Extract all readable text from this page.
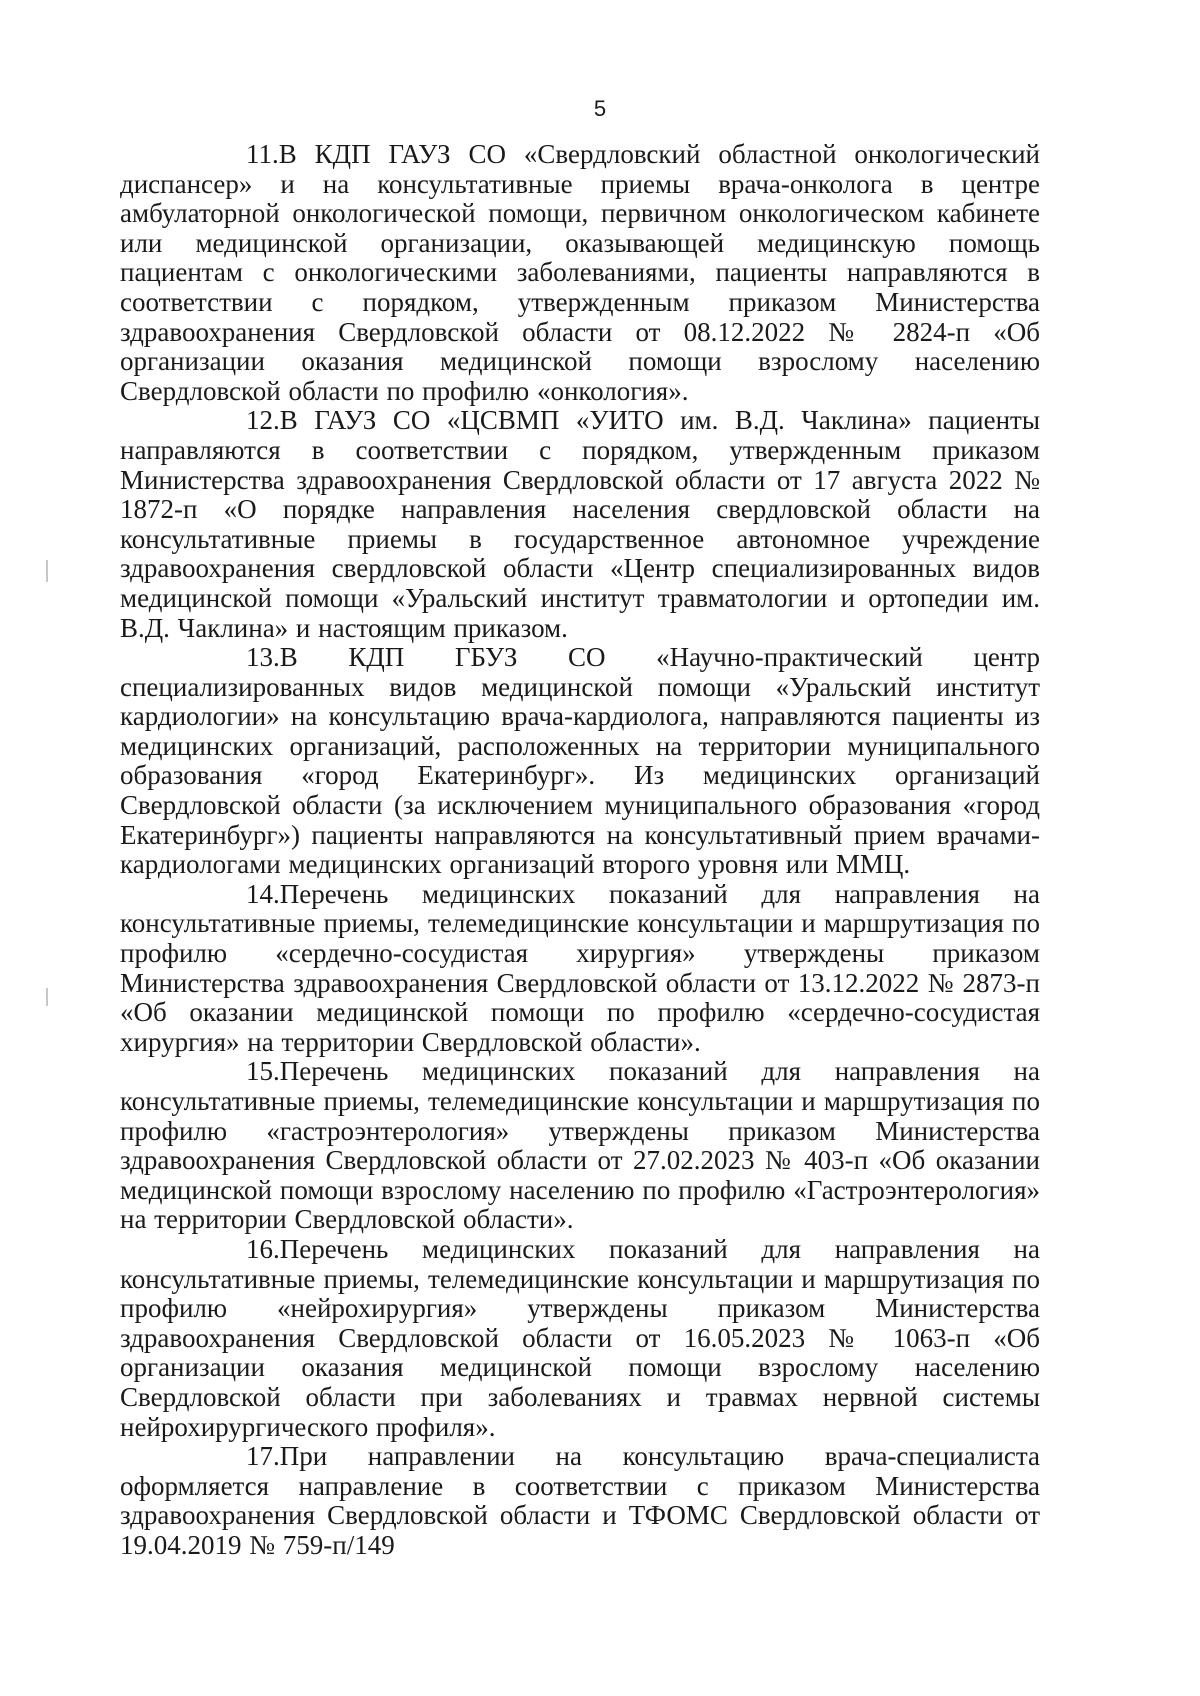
5

11.В КДП ГАУЗ СО «Свердловский областной онкологический диспансер» и на консультативные приемы врача-онколога в центре амбулаторной онкологической помощи, первичном онкологическом кабинете или медицинской организации, оказывающей медицинскую помощь пациентам с онкологическими заболеваниями, пациенты направляются в соответствии с порядком, утвержденным приказом Министерства здравоохранения Свердловской области от 08.12.2022 № 2824-п «Об организации оказания медицинской помощи взрослому населению Свердловской области по профилю «онкология».

12.В ГАУЗ СО «ЦСВМП «УИТО им. В.Д. Чаклина» пациенты направляются в соответствии с порядком, утвержденным приказом Министерства здравоохранения Свердловской области от 17 августа 2022 № 1872-п «О порядке направления населения свердловской области на консультативные приемы в государственное автономное учреждение здравоохранения свердловской области «Центр специализированных видов медицинской помощи «Уральский институт травматологии и ортопедии им. В.Д. Чаклина» и настоящим приказом.

13.В КДП ГБУЗ СО «Научно-практический центр специализированных видов медицинской помощи «Уральский институт кардиологии» на консультацию врача-кардиолога, направляются пациенты из медицинских организаций, расположенных на территории муниципального образования «город Екатеринбург». Из медицинских организаций Свердловской области (за исключением муниципального образования «город Екатеринбург») пациенты направляются на консультативный прием врачами-кардиологами медицинских организаций второго уровня или ММЦ.

14.Перечень медицинских показаний для направления на консультативные приемы, телемедицинские консультации и маршрутизация по профилю «сердечно-сосудистая хирургия» утверждены приказом Министерства здравоохранения Свердловской области от 13.12.2022 № 2873-п «Об оказании медицинской помощи по профилю «сердечно-сосудистая хирургия» на территории Свердловской области».

15.Перечень медицинских показаний для направления на консультативные приемы, телемедицинские консультации и маршрутизация по профилю «гастроэнтерология» утверждены приказом Министерства здравоохранения Свердловской области от 27.02.2023 № 403-п «Об оказании медицинской помощи взрослому населению по профилю «Гастроэнтерология» на территории Свердловской области».

16.Перечень медицинских показаний для направления на консультативные приемы, телемедицинские консультации и маршрутизация по профилю «нейрохирургия» утверждены приказом Министерства здравоохранения Свердловской области от 16.05.2023 № 1063-п «Об организации оказания медицинской помощи взрослому населению Свердловской области при заболеваниях и травмах нервной системы нейрохирургического профиля».

17.При направлении на консультацию врача-специалиста оформляется направление в соответствии с приказом Министерства здравоохранения Свердловской области и ТФОМС Свердловской области от 19.04.2019 № 759-п/149
